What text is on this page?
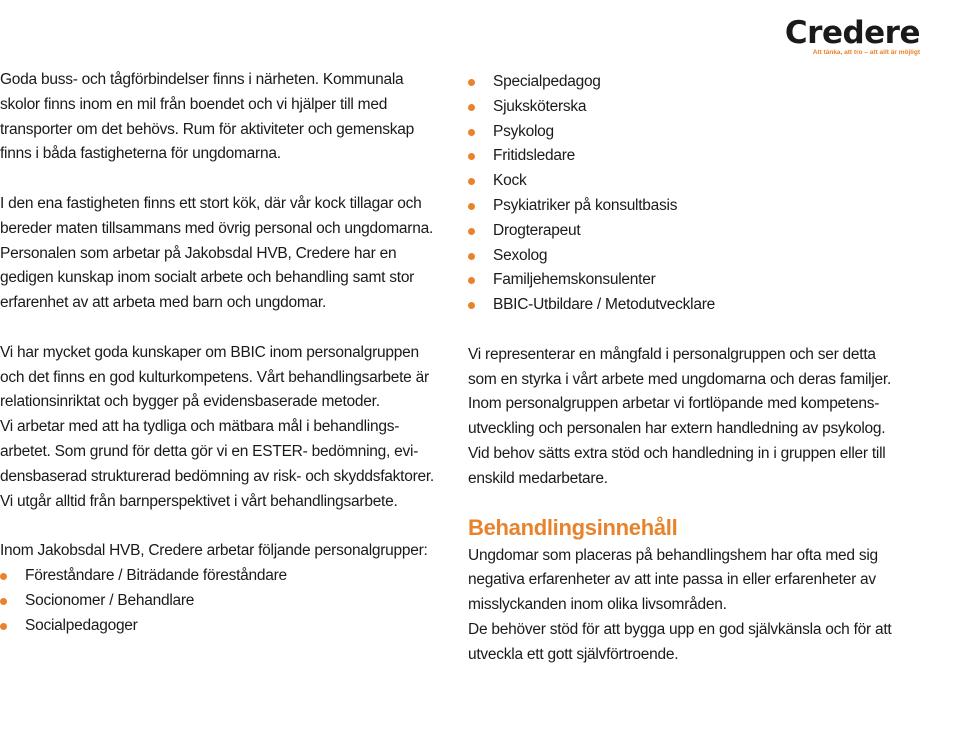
Credere
Att tänka, att tro – att allt är möjligt

Goda buss- och tågförbindelser finns i närheten. Kommunala
skolor finns inom en mil från boendet och vi hjälper till med
transporter om det behövs. Rum för aktiviteter och gemenskap
finns i båda fastigheterna för ungdomarna.

I den ena fastigheten finns ett stort kök, där vår kock tillagar och
bereder maten tillsammans med övrig personal och ungdomarna.
Personalen som arbetar på Jakobsdal HVB, Credere har en
gedigen kunskap inom socialt arbete och behandling samt stor
erfarenhet av att arbeta med barn och ungdomar.

Vi har mycket goda kunskaper om BBIC inom personalgruppen
och det finns en god kulturkompetens. Vårt behandlingsarbete är
relationsinriktat och bygger på evidensbaserade metoder.
Vi arbetar med att ha tydliga och mätbara mål i behandlings-
arbetet. Som grund för detta gör vi en ESTER- bedömning, evi-
densbaserad strukturerad bedömning av risk- och skyddsfaktorer.
Vi utgår alltid från barnperspektivet i vårt behandlingsarbete.

Inom Jakobsdal HVB, Credere arbetar följande personalgrupper:

Föreståndare / Biträdande föreståndare
Socionomer / Behandlare
Socialpedagoger
Specialpedagog
Sjuksköterska
Psykolog
Fritidsledare
Kock
Psykiatriker på konsultbasis
Drogterapeut
Sexolog
Familjehemskonsulenter
BBIC-Utbildare / Metodutvecklare

Vi representerar en mångfald i personalgruppen och ser detta
som en styrka i vårt arbete med ungdomarna och deras familjer.
Inom personalgruppen arbetar vi fortlöpande med kompetens-
utveckling och personalen har extern handledning av psykolog.
Vid behov sätts extra stöd och handledning in i gruppen eller till
enskild medarbetare.

Behandlingsinnehåll

Ungdomar som placeras på behandlingshem har ofta med sig
negativa erfarenheter av att inte passa in eller erfarenheter av
misslyckanden inom olika livsområden.
De behöver stöd för att bygga upp en god självkänsla och för att
utveckla ett gott självförtroende.
